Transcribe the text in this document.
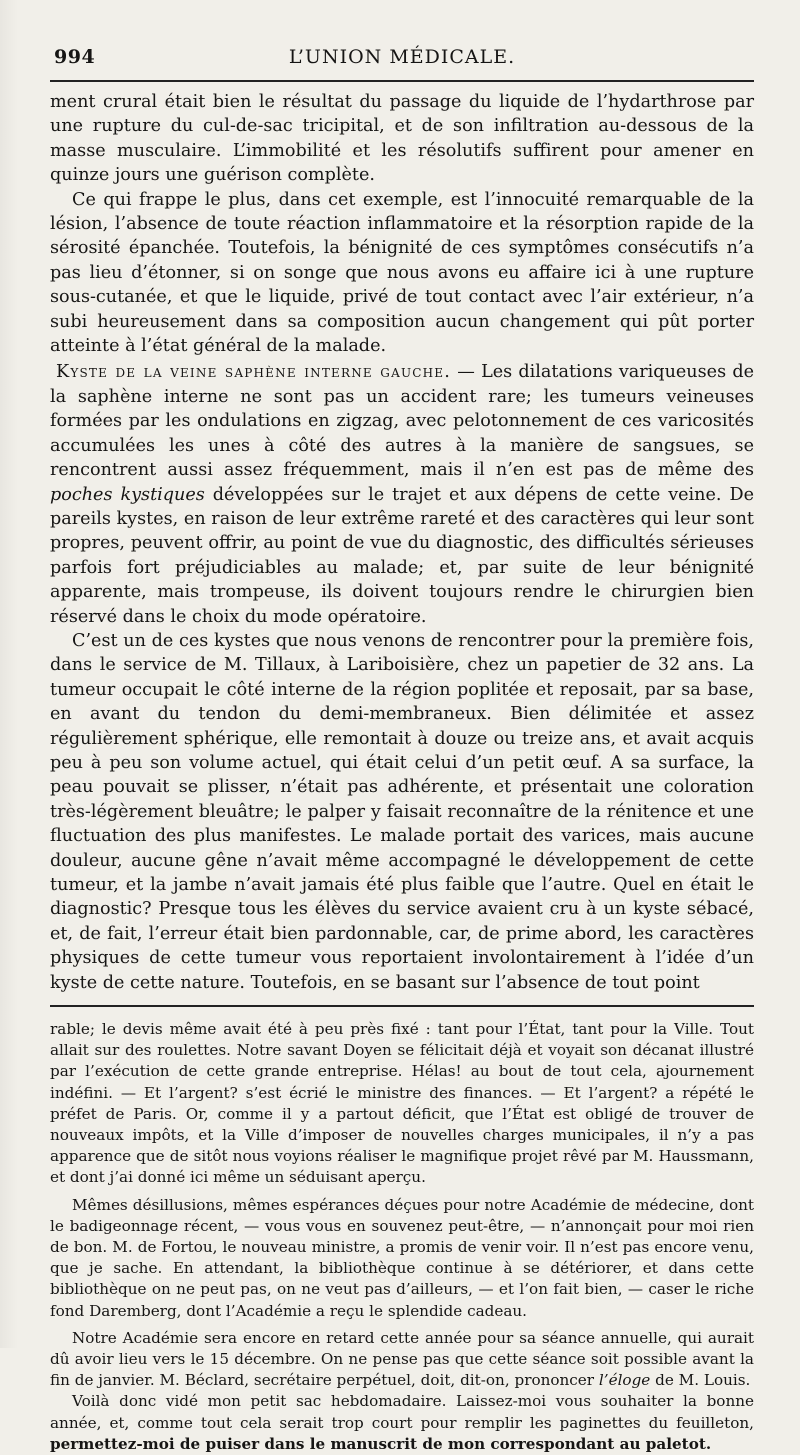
994	L’UNION MÉDICALE.

ment crural était bien le résultat du passage du liquide de l’hydarthrose par une rupture du cul-de-sac tricipital, et de son infiltration au-dessous de la masse musculaire. L’immobilité et les résolutifs suffirent pour amener en quinze jours une guérison complète.

Ce qui frappe le plus, dans cet exemple, est l’innocuité remarquable de la lésion, l’absence de toute réaction inflammatoire et la résorption rapide de la sérosité épanchée. Toutefois, la bénignité de ces symptômes consécutifs n’a pas lieu d’étonner, si on songe que nous avons eu affaire ici à une rupture sous-cutanée, et que le liquide, privé de tout contact avec l’air extérieur, n’a subi heureusement dans sa composition aucun changement qui pût porter atteinte à l’état général de la malade.

Kyste de la veine saphène interne gauche. — Les dilatations variqueuses de la saphène interne ne sont pas un accident rare; les tumeurs veineuses formées par les ondulations en zigzag, avec pelotonnement de ces varicosités accumulées les unes à côté des autres à la manière de sangsues, se rencontrent aussi assez fréquemment, mais il n’en est pas de même des poches kystiques développées sur le trajet et aux dépens de cette veine. De pareils kystes, en raison de leur extrême rareté et des caractères qui leur sont propres, peuvent offrir, au point de vue du diagnostic, des difficultés sérieuses parfois fort préjudiciables au malade; et, par suite de leur bénignité apparente, mais trompeuse, ils doivent toujours rendre le chirurgien bien réservé dans le choix du mode opératoire.

C’est un de ces kystes que nous venons de rencontrer pour la première fois, dans le service de M. Tillaux, à Lariboisière, chez un papetier de 32 ans. La tumeur occupait le côté interne de la région poplitée et reposait, par sa base, en avant du tendon du demi-membraneux. Bien délimitée et assez régulièrement sphérique, elle remontait à douze ou treize ans, et avait acquis peu à peu son volume actuel, qui était celui d’un petit œuf. A sa surface, la peau pouvait se plisser, n’était pas adhérente, et présentait une coloration très-légèrement bleuâtre; le palper y faisait reconnaître de la rénitence et une fluctuation des plus manifestes. Le malade portait des varices, mais aucune douleur, aucune gêne n’avait même accompagné le développement de cette tumeur, et la jambe n’avait jamais été plus faible que l’autre. Quel en était le diagnostic? Presque tous les élèves du service avaient cru à un kyste sébacé, et, de fait, l’erreur était bien pardonnable, car, de prime abord, les caractères physiques de cette tumeur vous reportaient involontairement à l’idée d’un kyste de cette nature. Toutefois, en se basant sur l’absence de tout point

rable; le devis même avait été à peu près fixé : tant pour l’État, tant pour la Ville. Tout allait sur des roulettes. Notre savant Doyen se félicitait déjà et voyait son décanat illustré par l’exécution de cette grande entreprise. Hélas! au bout de tout cela, ajournement indéfini. — Et l’argent? s’est écrié le ministre des finances. — Et l’argent? a répété le préfet de Paris. Or, comme il y a partout déficit, que l’État est obligé de trouver de nouveaux impôts, et la Ville d’imposer de nouvelles charges municipales, il n’y a pas apparence que de sitôt nous voyions réaliser le magnifique projet rêvé par M. Haussmann, et dont j’ai donné ici même un séduisant aperçu.

Mêmes désillusions, mêmes espérances déçues pour notre Académie de médecine, dont le badigeonnage récent, — vous vous en souvenez peut-être, — n’annonçait pour moi rien de bon. M. de Fortou, le nouveau ministre, a promis de venir voir. Il n’est pas encore venu, que je sache. En attendant, la bibliothèque continue à se détériorer, et dans cette bibliothèque on ne peut pas, on ne veut pas d’ailleurs, — et l’on fait bien, — caser le riche fond Daremberg, dont l’Académie a reçu le splendide cadeau.

Notre Académie sera encore en retard cette année pour sa séance annuelle, qui aurait dû avoir lieu vers le 15 décembre. On ne pense pas que cette séance soit possible avant la fin de janvier. M. Béclard, secrétaire perpétuel, doit, dit-on, prononcer l’éloge de M. Louis.

Voilà donc vidé mon petit sac hebdomadaire. Laissez-moi vous souhaiter la bonne année, et, comme tout cela serait trop court pour remplir les paginettes du feuilleton, permettez-moi de puiser dans le manuscrit de mon correspondant au paletot.
